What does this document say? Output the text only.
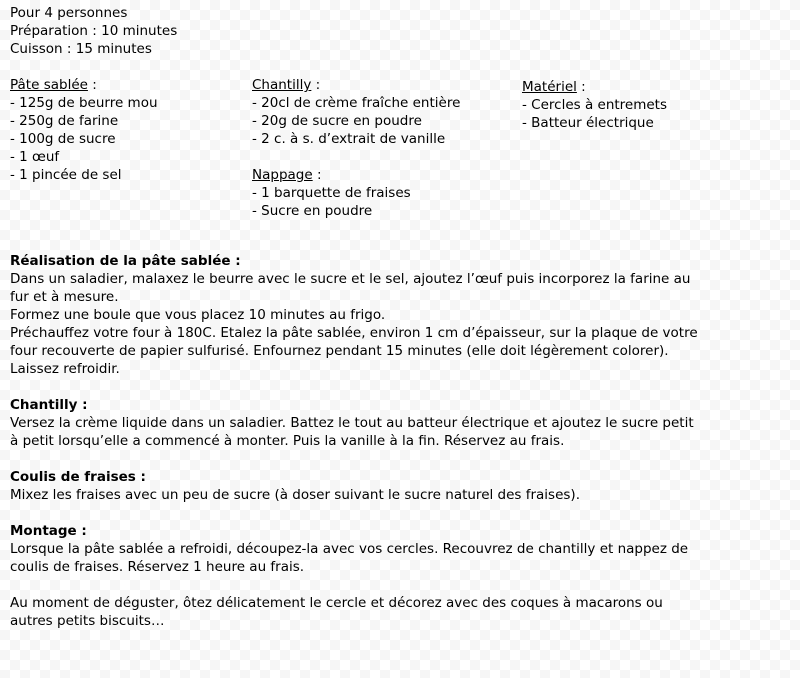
Pour 4 personnes
Préparation : 10 minutes
Cuisson : 15 minutes
Pâte sablée :
- 125g de beurre mou
- 250g de farine
- 100g de sucre
- 1 œuf
- 1 pincée de sel
Chantilly :
- 20cl de crème fraîche entière
- 20g de sucre en poudre
- 2 c. à s. d’extrait de vanille
Nappage :
- 1 barquette de fraises
- Sucre en poudre
Matériel :
- Cercles à entremets
- Batteur électrique
Réalisation de la pâte sablée :
Dans un saladier, malaxez le beurre avec le sucre et le sel, ajoutez l’œuf puis incorporez la farine au
fur et à mesure.
Formez une boule que vous placez 10 minutes au frigo.
Préchauffez votre four à 180C. Etalez la pâte sablée, environ 1 cm d’épaisseur, sur la plaque de votre
four recouverte de papier sulfurisé. Enfournez pendant 15 minutes (elle doit légèrement colorer).
Laissez refroidir.
Chantilly :
Versez la crème liquide dans un saladier. Battez le tout au batteur électrique et ajoutez le sucre petit
à petit lorsqu’elle a commencé à monter. Puis la vanille à la fin. Réservez au frais.
Coulis de fraises :
Mixez les fraises avec un peu de sucre (à doser suivant le sucre naturel des fraises).
Montage :
Lorsque la pâte sablée a refroidi, découpez-la avec vos cercles. Recouvrez de chantilly et nappez de
coulis de fraises. Réservez 1 heure au frais.
Au moment de déguster, ôtez délicatement le cercle et décorez avec des coques à macarons ou
autres petits biscuits…
